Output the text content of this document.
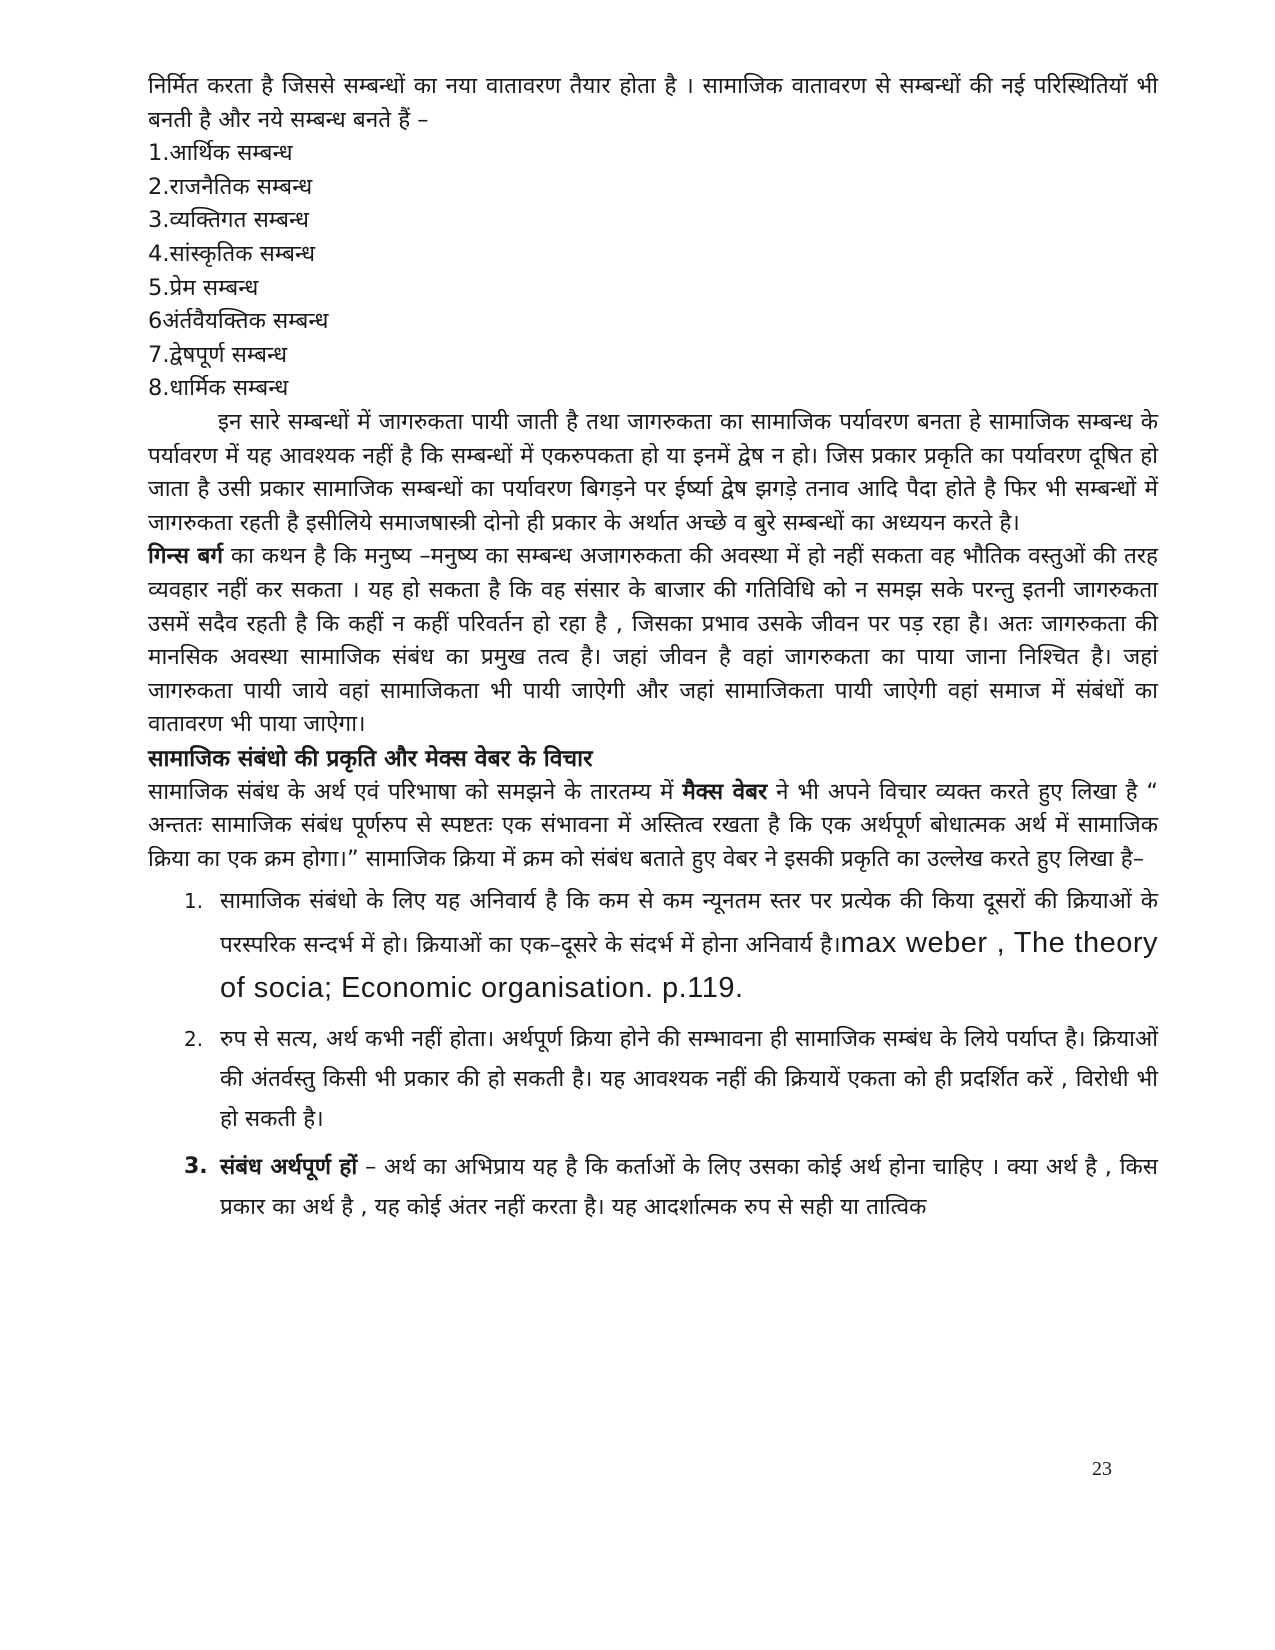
निर्मित करता है जिससे सम्बन्धों का नया वातावरण तैयार होता है । सामाजिक वातावरण से सम्बन्धों की नई परिस्थितियॉ भी बनती है और नये सम्बन्ध बनते हैं –

1.आर्थिक सम्बन्ध
2.राजनैतिक सम्बन्ध
3.व्यक्तिगत सम्बन्ध
4.सांस्कृतिक सम्बन्ध
5.प्रेम सम्बन्ध
6अंर्तवैयक्तिक सम्बन्ध
7.द्वेषपूर्ण सम्बन्ध
8.धार्मिक सम्बन्ध

इन सारे सम्बन्धों में जागरुकता पायी जाती है तथा जागरुकता का सामाजिक पर्यावरण बनता हे सामाजिक सम्बन्ध के पर्यावरण में यह आवश्यक नहीं है कि सम्बन्धों में एकरुपकता हो या इनमें द्वेष न हो। जिस प्रकार प्रकृति का पर्यावरण दूषित हो जाता है उसी प्रकार सामाजिक सम्बन्धों का पर्यावरण बिगड़ने पर ईर्ष्या द्वेष झगड़े तनाव आदि पैदा होते है फिर भी सम्बन्धों में जागरुकता रहती है इसीलिये समाजषास्त्री दोनो ही प्रकार के अर्थात अच्छे व बुरे सम्बन्धों का अध्ययन करते है।

गिन्स बर्ग का कथन है कि मनुष्य –मनुष्य का सम्बन्ध अजागरुकता की अवस्था में हो नहीं सकता वह भौतिक वस्तुओं की तरह व्यवहार नहीं कर सकता । यह हो सकता है कि वह संसार के बाजार की गतिविधि को न समझ सके परन्तु इतनी जागरुकता उसमें सदैव रहती है कि कहीं न कहीं परिवर्तन हो रहा है , जिसका प्रभाव उसके जीवन पर पड़ रहा है। अतः जागरुकता की मानसिक अवस्था सामाजिक संबंध का प्रमुख तत्व है। जहां जीवन है वहां जागरुकता का पाया जाना निश्चित है। जहां जागरुकता पायी जाये वहां सामाजिकता भी पायी जाऐगी और जहां सामाजिकता पायी जाऐगी वहां समाज में संबंधों का वातावरण भी पाया जाऐगा।

सामाजिक संबंधो की प्रकृति और मेक्स वेबर के विचार

सामाजिक संबंध के अर्थ एवं परिभाषा को समझने के तारतम्य में मैक्स वेबर ने भी अपने विचार व्यक्त करते हुए लिखा है “ अन्ततः सामाजिक संबंध पूर्णरुप से स्पष्टतः एक संभावना में अस्तित्व रखता है कि एक अर्थपूर्ण बोधात्मक अर्थ में सामाजिक क्रिया का एक क्रम होगा।” सामाजिक क्रिया में क्रम को संबंध बताते हुए वेबर ने इसकी प्रकृति का उल्लेख करते हुए लिखा है–

1. सामाजिक संबंधो के लिए यह अनिवार्य है कि कम से कम न्यूनतम स्तर पर प्रत्येक की किया दूसरों की क्रियाओं के परस्परिक सन्दर्भ में हो। क्रियाओं का एक–दूसरे के संदर्भ में होना अनिवार्य है।max weber , The theory of socia; Economic organisation. p.119.

2. रुप से सत्य, अर्थ कभी नहीं होता। अर्थपूर्ण क्रिया होने की सम्भावना ही सामाजिक सम्बंध के लिये पर्याप्त है। क्रियाओं की अंतर्वस्तु किसी भी प्रकार की हो सकती है। यह आवश्यक नहीं की क्रियायें एकता को ही प्रदर्शित करें , विरोधी भी हो सकती है।

3. संबंध अर्थपूर्ण हों – अर्थ का अभिप्राय यह है कि कर्ताओं के लिए उसका कोई अर्थ होना चाहिए । क्या अर्थ है , किस प्रकार का अर्थ है , यह कोई अंतर नहीं करता है। यह आदर्शात्मक रुप से सही या तात्विक

23
